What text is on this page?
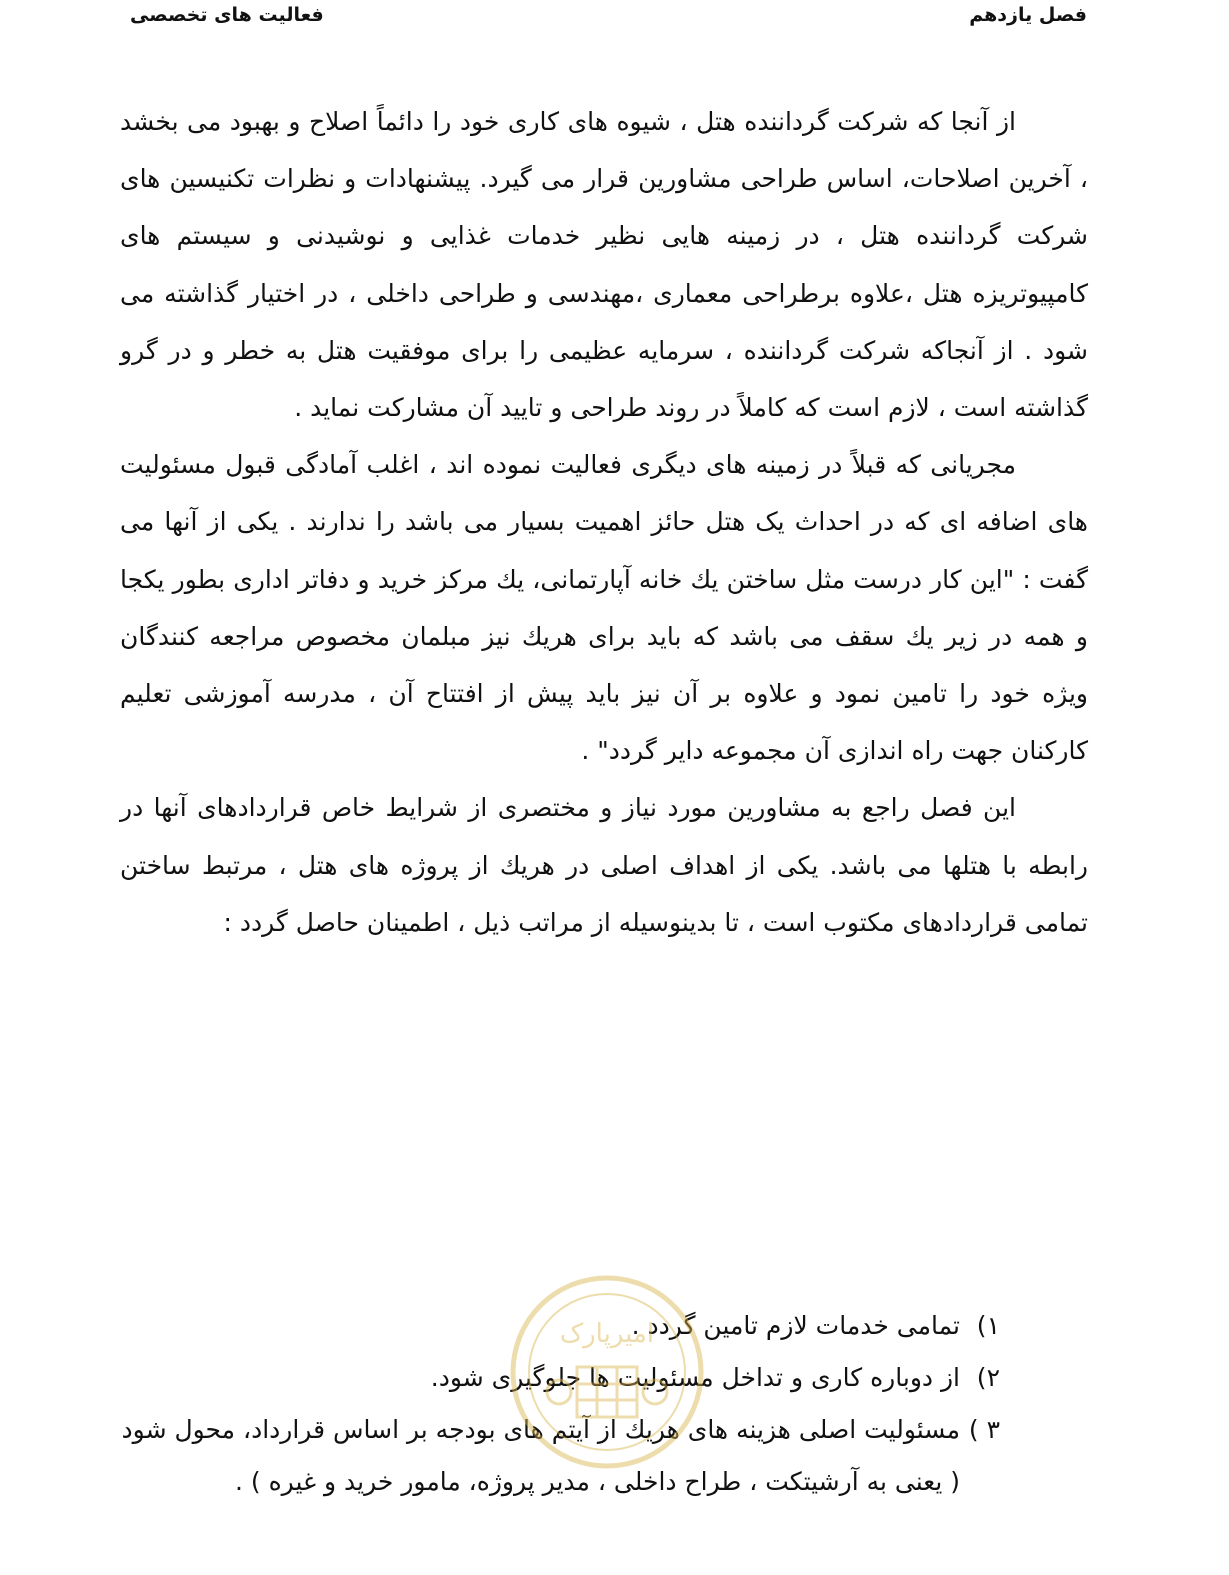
فصل یازدهم
فعالیت های تخصصی

از آنجا که شرکت گرداننده هتل ، شیوه های کاری خود را دائماً اصلاح و بهبود می بخشد ، آخرین اصلاحات، اساس طراحی مشاورین قرار می گیرد. پیشنهادات و نظرات تکنیسین های شرکت گرداننده هتل ، در زمینه هایی نظیر خدمات غذایی و نوشیدنی و سیستم های کامپیوتریزه هتل ،علاوه برطراحی معماری ،مهندسی و طراحی داخلی ، در اختیار گذاشته می شود . از آنجاکه شرکت گرداننده ، سرمایه عظیمی را برای موفقیت هتل به خطر و در گرو گذاشته است ، لازم است که کاملاً در روند طراحی و تایید آن مشارکت نماید .

مجریانی که قبلاً در زمینه های دیگری فعالیت نموده اند ، اغلب آمادگی قبول مسئولیت های اضافه ای که در احداث یک هتل حائز اهمیت بسیار می باشد را ندارند . یکی از آنها می گفت : "این کار درست مثل ساختن یك خانه آپارتمانی، یك مرکز خرید و دفاتر اداری بطور یکجا و همه در زیر یك سقف می باشد که باید برای هریك نیز مبلمان مخصوص مراجعه کنندگان ویژه خود را تامین نمود و علاوه بر آن نیز باید پیش از افتتاح آن ، مدرسه آموزشی تعلیم کارکنان جهت راه اندازی آن مجموعه دایر گردد" .

این فصل راجع به مشاورین مورد نیاز و مختصری از شرایط خاص قراردادهای آنها در رابطه با هتلها می باشد. یکی از اهداف اصلی در هریك از پروژه های هتل ، مرتبط ساختن تمامی قراردادهای مکتوب است ، تا بدینوسیله از مراتب ذیل ، اطمینان حاصل گردد :

۱)
تمامی خدمات لازم تامین گردد .
۲)
از دوباره کاری و تداخل مسئولیت ها جلوگیری شود.
۳ )
مسئولیت اصلی هزینه های هریك از آیتم های بودجه بر اساس قرارداد، محول شود ( یعنی به آرشیتکت ، طراح داخلی ، مدیر پروژه، مامور خرید و غیره ) .
امیرپارک
